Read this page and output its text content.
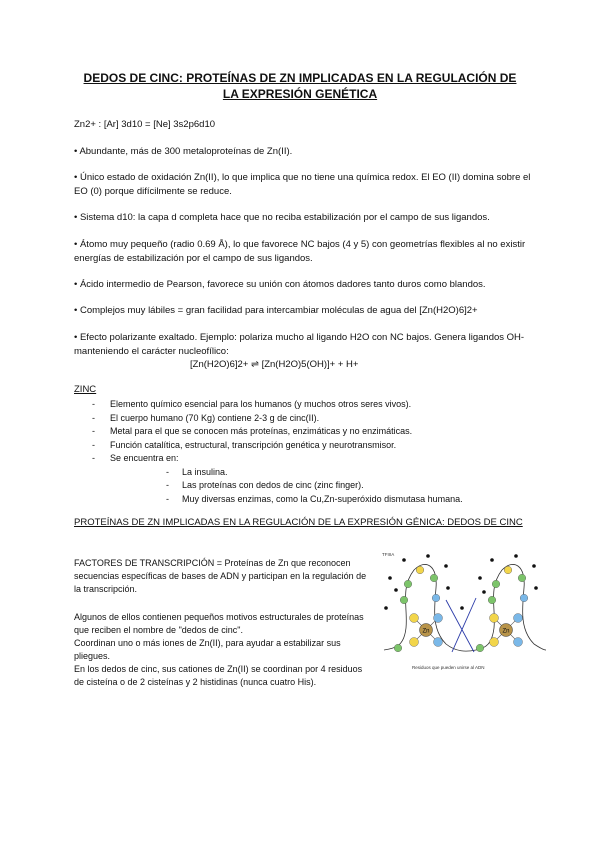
DEDOS DE CINC: PROTEÍNAS DE ZN IMPLICADAS EN LA REGULACIÓN DE
LA EXPRESIÓN GENÉTICA
Zn2+ : [Ar] 3d10 = [Ne] 3s2p6d10
• Abundante, más de 300 metaloproteínas de Zn(II).
• Único estado de oxidación Zn(II), lo que implica que no tiene una química redox. El EO (II) domina sobre el EO (0) porque difícilmente se reduce.
• Sistema d10: la capa d completa hace que no reciba estabilización por el campo de sus ligandos.
• Átomo muy pequeño (radio 0.69 Å), lo que favorece NC bajos (4 y 5) con geometrías flexibles al no existir energías de estabilización por el campo de sus ligandos.
• Ácido intermedio de Pearson, favorece su unión con átomos dadores tanto duros como blandos.
• Complejos muy lábiles = gran facilidad para intercambiar moléculas de agua del [Zn(H2O)6]2+
• Efecto polarizante exaltado. Ejemplo: polariza mucho al ligando H2O con NC bajos. Genera ligandos OH- manteniendo el carácter nucleofílico:
[Zn(H2O)6]2+ ⇌ [Zn(H2O)5(OH)]+ + H+
ZINC
- Elemento químico esencial para los humanos (y muchos otros seres vivos).
- El cuerpo humano (70 Kg) contiene 2-3 g de cinc(II).
- Metal para el que se conocen más proteínas, enzimáticas y no enzimáticas.
- Función catalítica, estructural, transcripción genética y neurotransmisor.
- Se encuentra en:
- La insulina.
- Las proteínas con dedos de cinc (zinc finger).
- Muy diversas enzimas, como la Cu,Zn-superóxido dismutasa humana.
PROTEÍNAS DE ZN IMPLICADAS EN LA REGULACIÓN DE LA EXPRESIÓN GÉNICA: DEDOS DE CINC
FACTORES DE TRANSCRIPCIÓN = Proteínas de Zn que reconocen secuencias específicas de bases de ADN y participan en la regulación de la transcripción.
Algunos de ellos contienen pequeños motivos estructurales de proteínas que reciben el nombre de "dedos de cinc".
Coordinan uno o más iones de Zn(II), para ayudar a estabilizar sus pliegues.
En los dedos de cinc, sus cationes de Zn(II) se coordinan por 4 residuos de cisteína o de 2 cisteínas y 2 histidinas (nunca cuatro His).
TFIIIA
Zn	Zn
Residuos que pueden unirse al ADN
